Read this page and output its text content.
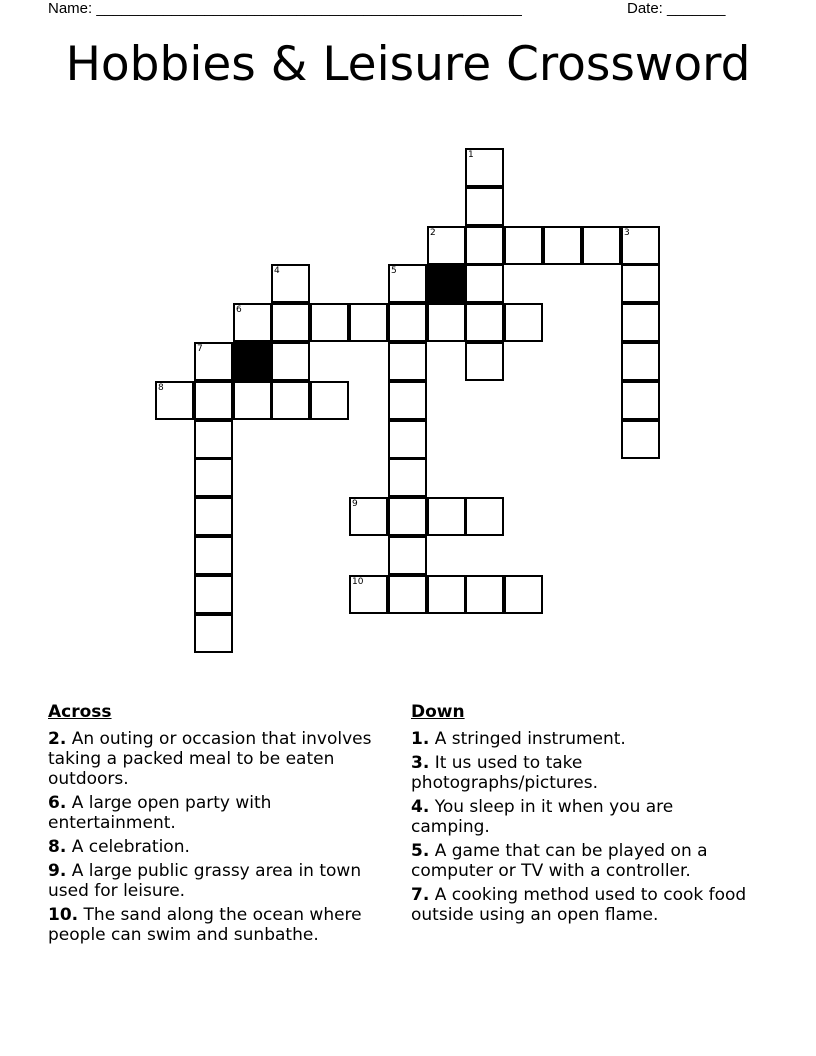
Name: ___________________________________________________	Date: _______
Hobbies & Leisure Crossword
1
2	3
4	5
6
7
8
9
10
Across
2. An outing or occasion that involves taking a packed meal to be eaten outdoors.
6. A large open party with entertainment.
8. A celebration.
9. A large public grassy area in town used for leisure.
10. The sand along the ocean where people can swim and sunbathe.
Down
1. A stringed instrument.
3. It us used to take photographs/pictures.
4. You sleep in it when you are camping.
5. A game that can be played on a computer or TV with a controller.
7. A cooking method used to cook food outside using an open flame.
